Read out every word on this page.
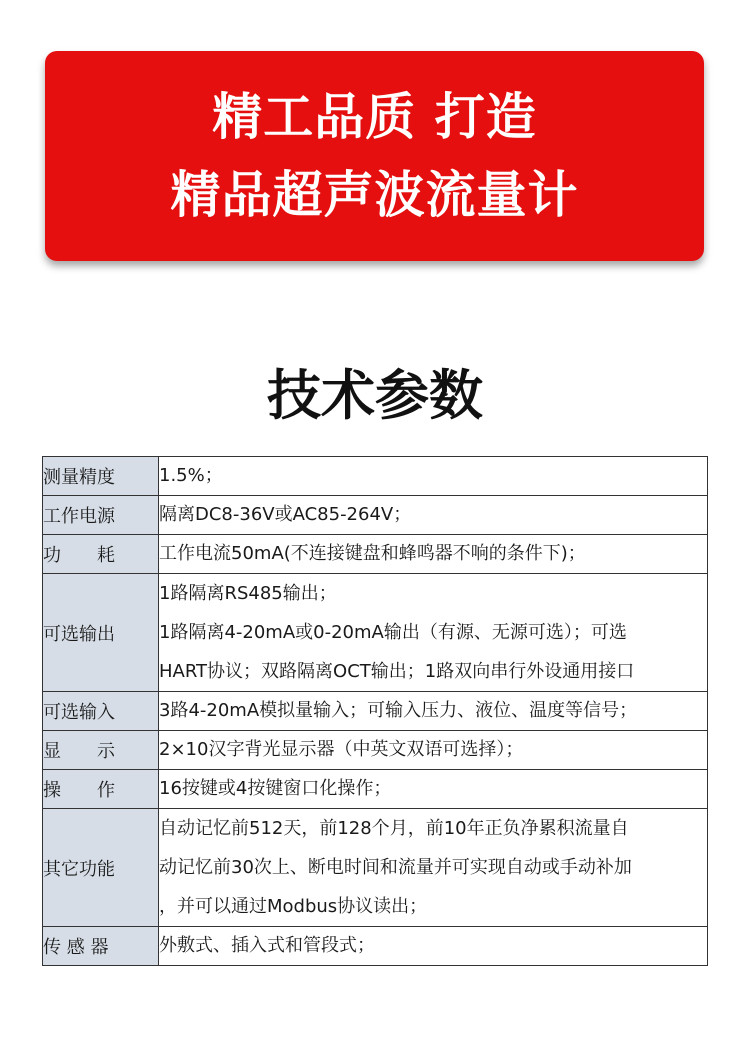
精工品质 打造
精品超声波流量计
技术参数
测量精度	1.5%；

工作电源	隔离DC8-36V或AC85-264V；

功　　耗	工作电流50mA(不连接键盘和蜂鸣器不响的条件下)；

可选输出	1路隔离RS485输出；
1路隔离4-20mA或0-20mA输出（有源、无源可选）；可选
HART协议；双路隔离OCT输出；1路双向串行外设通用接口

可选输入	3路4-20mA模拟量输入；可输入压力、液位、温度等信号；

显　　示	2×10汉字背光显示器（中英文双语可选择）；

操　　作	16按键或4按键窗口化操作；

其它功能	自动记忆前512天，前128个月，前10年正负净累积流量自
动记忆前30次上、断电时间和流量并可实现自动或手动补加
，并可以通过Modbus协议读出；

传 感 器	外敷式、插入式和管段式；
